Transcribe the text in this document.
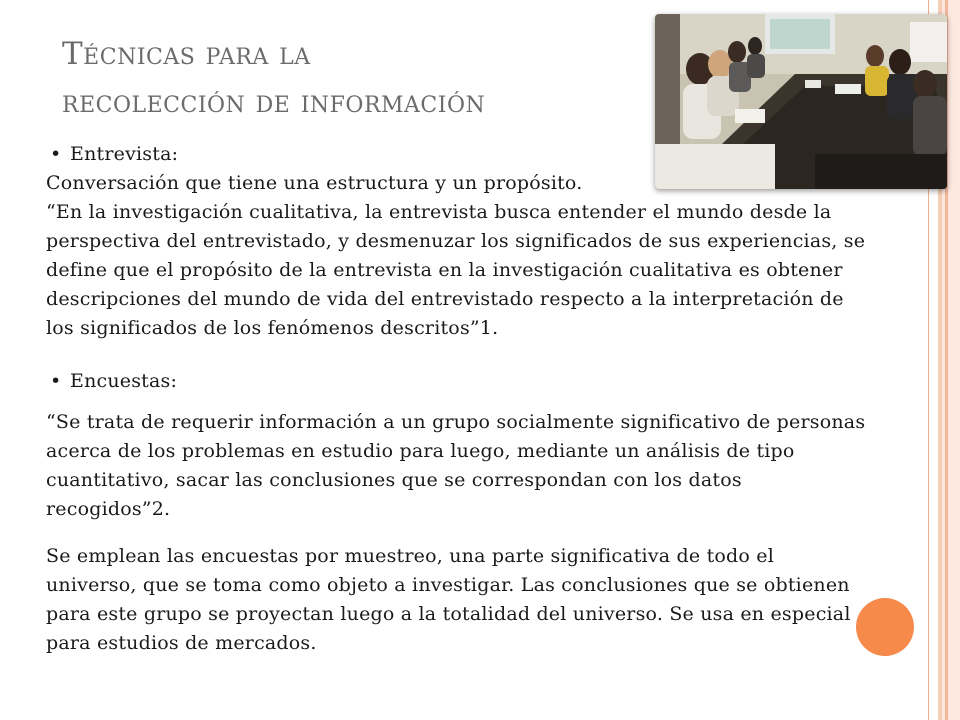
Técnicas para la
recolección de información

• Entrevista:

Conversación que tiene una estructura y un propósito.

“En la investigación cualitativa, la entrevista busca entender el mundo desde la perspectiva del entrevistado, y desmenuzar los significados de sus experiencias, se define que el propósito de la entrevista en la investigación cualitativa es obtener descripciones del mundo de vida del entrevistado respecto a la interpretación de los significados de los fenómenos descritos”1.

• Encuestas:

“Se trata de requerir información a un grupo socialmente significativo de personas acerca de los problemas en estudio para luego, mediante un análisis de tipo cuantitativo, sacar las conclusiones que se correspondan con los datos recogidos”2.

Se emplean las encuestas por muestreo, una parte significativa de todo el universo, que se toma como objeto a investigar. Las conclusiones que se obtienen para este grupo se proyectan luego a la totalidad del universo. Se usa en especial para estudios de mercados.
